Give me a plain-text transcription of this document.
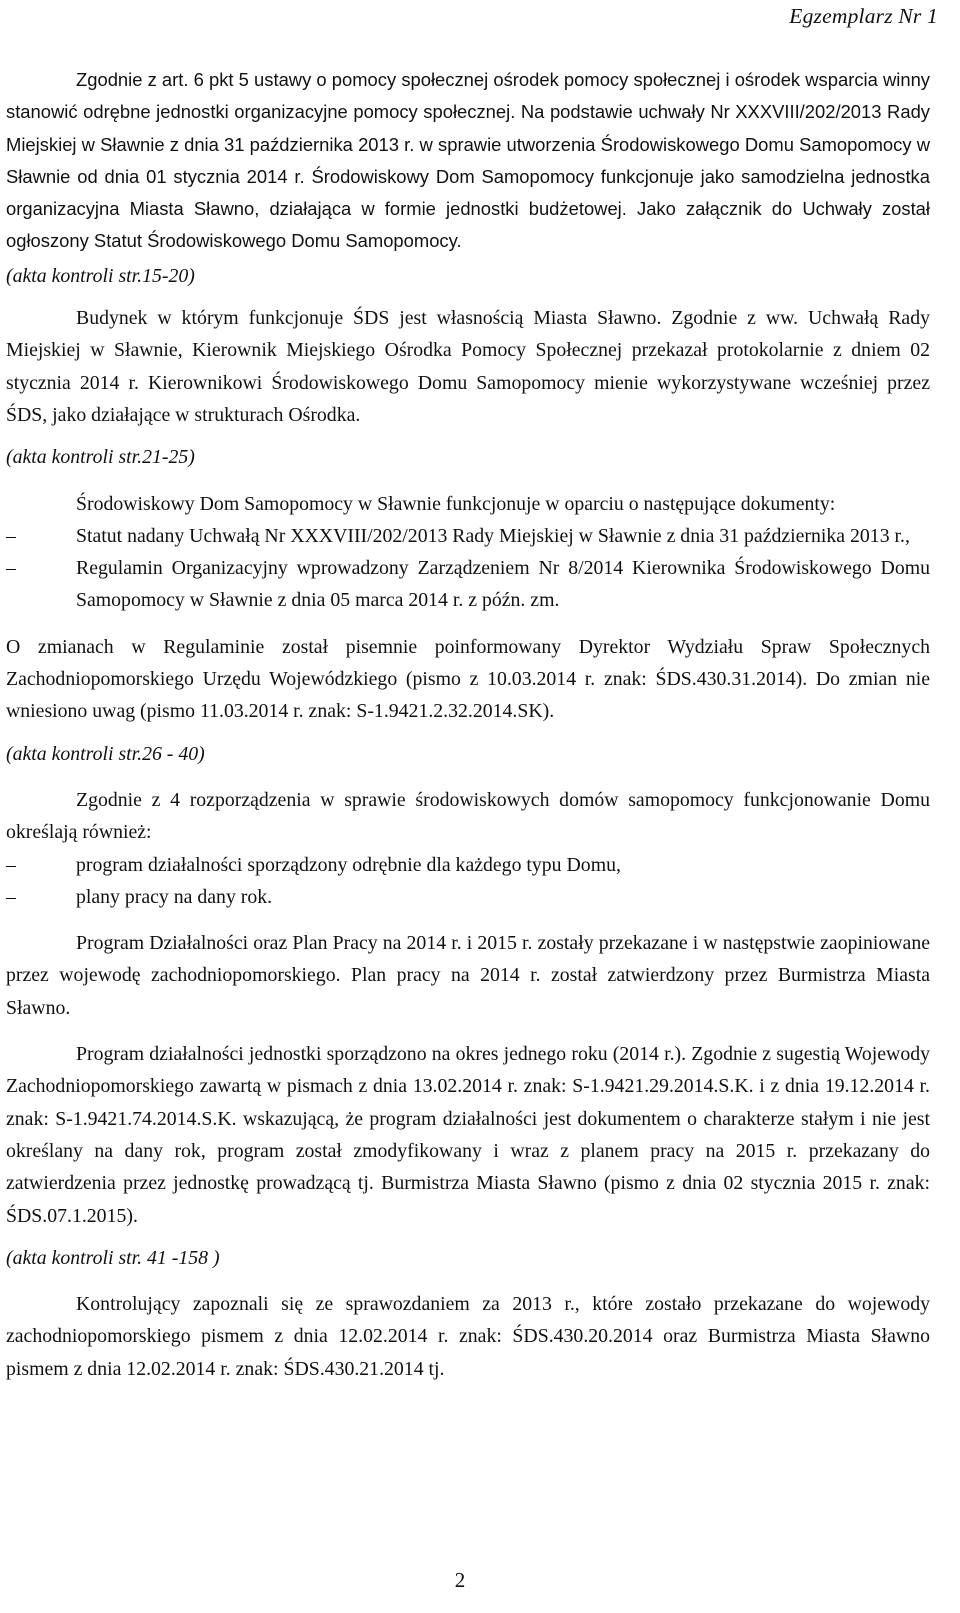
Egzemplarz Nr 1

Zgodnie z art. 6 pkt 5 ustawy o pomocy społecznej ośrodek pomocy społecznej i ośrodek wsparcia winny stanowić odrębne jednostki organizacyjne pomocy społecznej. Na podstawie uchwały Nr XXXVIII/202/2013 Rady Miejskiej w Sławnie z dnia 31 października 2013 r. w sprawie utworzenia Środowiskowego Domu Samopomocy w Sławnie od dnia 01 stycznia 2014 r. Środowiskowy Dom Samopomocy funkcjonuje jako samodzielna jednostka organizacyjna Miasta Sławno, działająca w formie jednostki budżetowej. Jako załącznik do Uchwały został ogłoszony Statut Środowiskowego Domu Samopomocy.

(akta kontroli str.15-20)

Budynek w którym funkcjonuje ŚDS jest własnością Miasta Sławno. Zgodnie z ww. Uchwałą Rady Miejskiej w Sławnie, Kierownik Miejskiego Ośrodka Pomocy Społecznej przekazał protokolarnie z dniem 02 stycznia 2014 r. Kierownikowi Środowiskowego Domu Samopomocy mienie wykorzystywane wcześniej przez ŚDS, jako działające w strukturach Ośrodka.

(akta kontroli str.21-25)

Środowiskowy Dom Samopomocy w Sławnie funkcjonuje w oparciu o następujące dokumenty:

–	Statut nadany Uchwałą Nr XXXVIII/202/2013 Rady Miejskiej w Sławnie z dnia 31 października 2013 r.,
–	Regulamin Organizacyjny wprowadzony Zarządzeniem Nr 8/2014 Kierownika Środowiskowego Domu Samopomocy w Sławnie z dnia 05 marca 2014 r. z późn. zm.

O zmianach w Regulaminie został pisemnie poinformowany Dyrektor Wydziału Spraw Społecznych Zachodniopomorskiego Urzędu Wojewódzkiego (pismo z 10.03.2014 r. znak: ŚDS.430.31.2014). Do zmian nie wniesiono uwag (pismo 11.03.2014 r. znak: S-1.9421.2.32.2014.SK).

(akta kontroli str.26 - 40)

Zgodnie z 4 rozporządzenia w sprawie środowiskowych domów samopomocy funkcjonowanie Domu określają również:

–	program działalności sporządzony odrębnie dla każdego typu Domu,
–	plany pracy na dany rok.

Program Działalności oraz Plan Pracy na 2014 r. i 2015 r. zostały przekazane i w następstwie zaopiniowane przez wojewodę zachodniopomorskiego. Plan pracy na 2014 r. został zatwierdzony przez Burmistrza Miasta Sławno.

Program działalności jednostki sporządzono na okres jednego roku (2014 r.). Zgodnie z sugestią Wojewody Zachodniopomorskiego zawartą w pismach z dnia 13.02.2014 r. znak: S-1.9421.29.2014.S.K. i z dnia 19.12.2014 r. znak: S-1.9421.74.2014.S.K. wskazującą, że program działalności jest dokumentem o charakterze stałym i nie jest określany na dany rok, program został zmodyfikowany i wraz z planem pracy na 2015 r. przekazany do zatwierdzenia przez jednostkę prowadzącą tj. Burmistrza Miasta Sławno (pismo z dnia 02 stycznia 2015 r. znak: ŚDS.07.1.2015).

(akta kontroli str. 41 -158 )

Kontrolujący zapoznali się ze sprawozdaniem za 2013 r., które zostało przekazane do wojewody zachodniopomorskiego pismem z dnia 12.02.2014 r. znak: ŚDS.430.20.2014 oraz Burmistrza Miasta Sławno pismem z dnia 12.02.2014 r. znak: ŚDS.430.21.2014 tj.

2
